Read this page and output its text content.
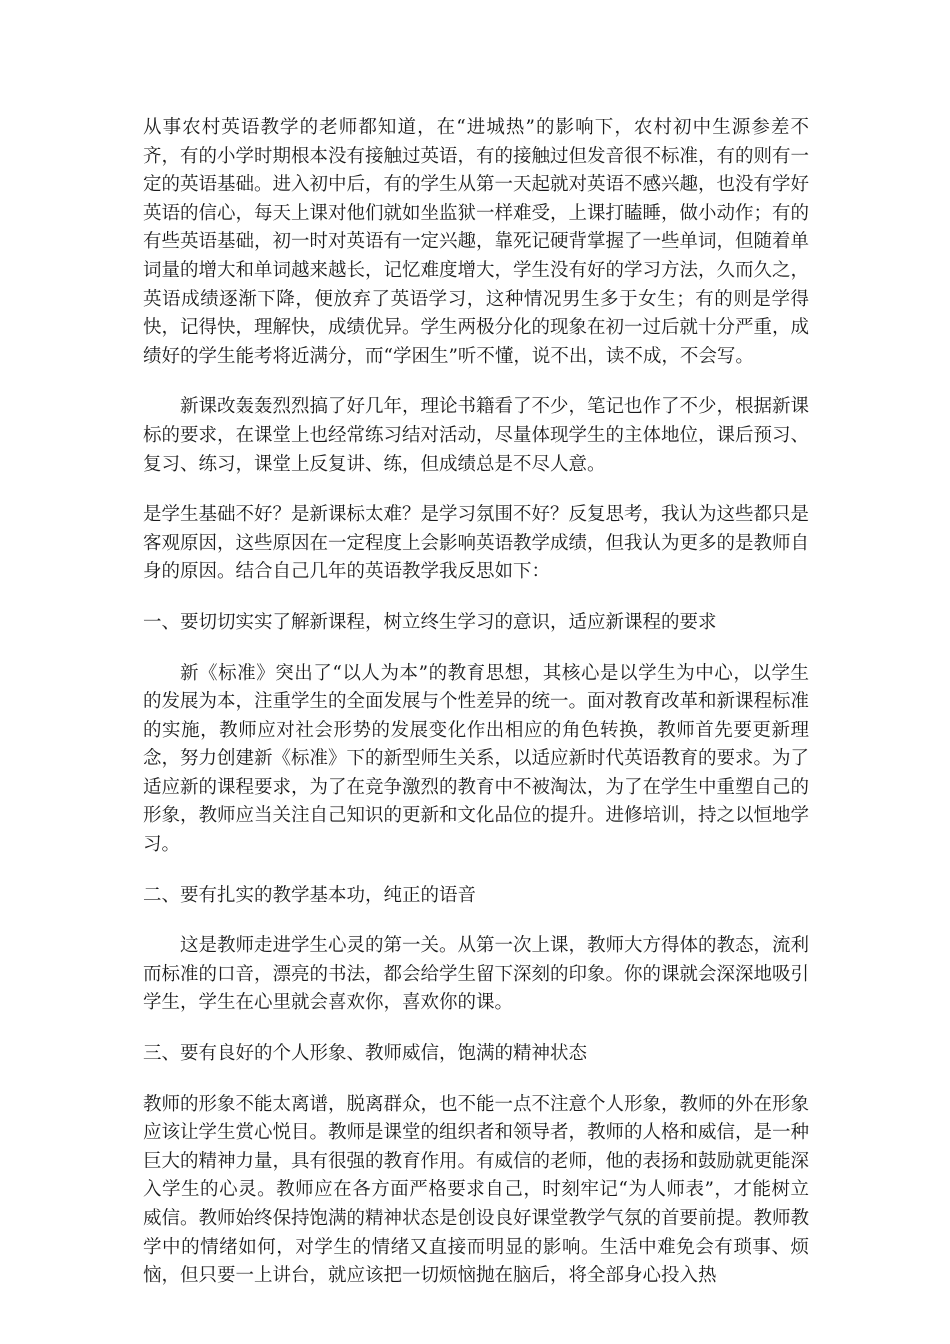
从事农村英语教学的老师都知道，在“进城热”的影响下，农村初中生源参差不齐，有的小学时期根本没有接触过英语，有的接触过但发音很不标准，有的则有一定的英语基础。进入初中后，有的学生从第一天起就对英语不感兴趣，也没有学好英语的信心，每天上课对他们就如坐监狱一样难受，上课打瞌睡，做小动作；有的有些英语基础，初一时对英语有一定兴趣，靠死记硬背掌握了一些单词，但随着单词量的增大和单词越来越长，记忆难度增大，学生没有好的学习方法，久而久之，英语成绩逐渐下降，便放弃了英语学习，这种情况男生多于女生；有的则是学得快，记得快，理解快，成绩优异。学生两极分化的现象在初一过后就十分严重，成绩好的学生能考将近满分，而“学困生”听不懂，说不出，读不成，不会写。

新课改轰轰烈烈搞了好几年，理论书籍看了不少，笔记也作了不少，根据新课标的要求，在课堂上也经常练习结对活动，尽量体现学生的主体地位，课后预习、复习、练习，课堂上反复讲、练，但成绩总是不尽人意。

是学生基础不好？是新课标太难？是学习氛围不好？反复思考，我认为这些都只是客观原因，这些原因在一定程度上会影响英语教学成绩，但我认为更多的是教师自身的原因。结合自己几年的英语教学我反思如下：

一、要切切实实了解新课程，树立终生学习的意识，适应新课程的要求

新《标准》突出了“以人为本”的教育思想，其核心是以学生为中心，以学生的发展为本，注重学生的全面发展与个性差异的统一。面对教育改革和新课程标准的实施，教师应对社会形势的发展变化作出相应的角色转换，教师首先要更新理念，努力创建新《标准》下的新型师生关系，以适应新时代英语教育的要求。为了适应新的课程要求，为了在竞争激烈的教育中不被淘汰，为了在学生中重塑自己的形象，教师应当关注自己知识的更新和文化品位的提升。进修培训，持之以恒地学习。

二、要有扎实的教学基本功，纯正的语音

这是教师走进学生心灵的第一关。从第一次上课，教师大方得体的教态，流利而标准的口音，漂亮的书法，都会给学生留下深刻的印象。你的课就会深深地吸引学生，学生在心里就会喜欢你，喜欢你的课。

三、要有良好的个人形象、教师威信，饱满的精神状态

教师的形象不能太离谱，脱离群众，也不能一点不注意个人形象，教师的外在形象应该让学生赏心悦目。教师是课堂的组织者和领导者，教师的人格和威信，是一种巨大的精神力量，具有很强的教育作用。有威信的老师，他的表扬和鼓励就更能深入学生的心灵。教师应在各方面严格要求自己，时刻牢记“为人师表”，才能树立威信。教师始终保持饱满的精神状态是创设良好课堂教学气氛的首要前提。教师教学中的情绪如何，对学生的情绪又直接而明显的影响。生活中难免会有琐事、烦恼，但只要一上讲台，就应该把一切烦恼抛在脑后，将全部身心投入热
